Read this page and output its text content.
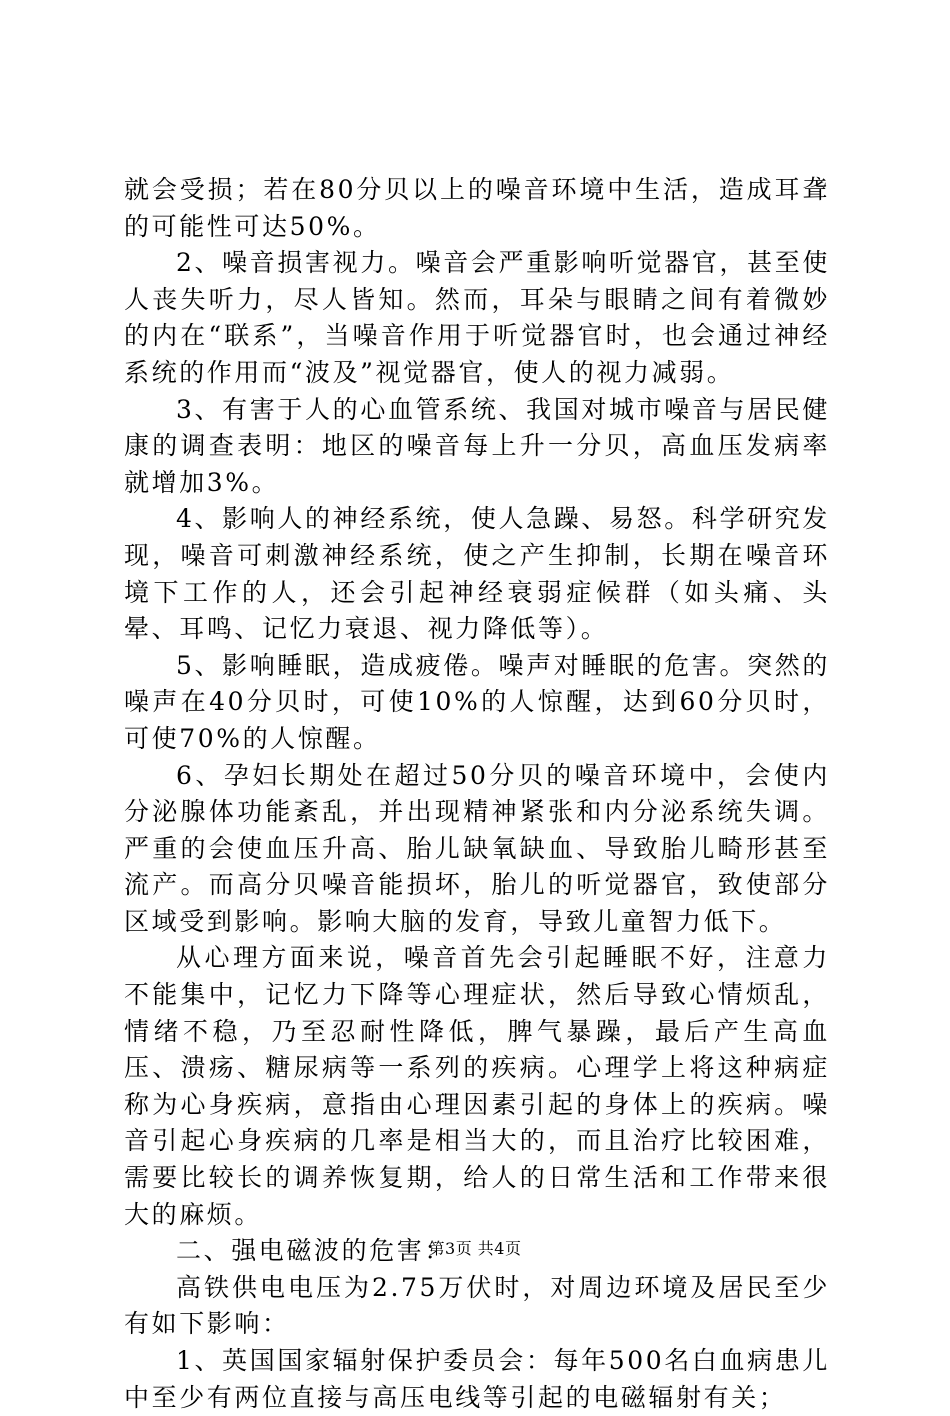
就会受损；若在80分贝以上的噪音环境中生活，造成耳聋的可能性可达50%。

2、噪音损害视力。噪音会严重影响听觉器官，甚至使人丧失听力，尽人皆知。然而，耳朵与眼睛之间有着微妙的内在“联系”，当噪音作用于听觉器官时，也会通过神经系统的作用而“波及”视觉器官，使人的视力减弱。

3、有害于人的心血管系统、我国对城市噪音与居民健康的调查表明：地区的噪音每上升一分贝，高血压发病率就增加3%。

4、影响人的神经系统，使人急躁、易怒。科学研究发现，噪音可刺激神经系统，使之产生抑制，长期在噪音环境下工作的人，还会引起神经衰弱症候群（如头痛、头晕、耳鸣、记忆力衰退、视力降低等）。

5、影响睡眠，造成疲倦。噪声对睡眠的危害。突然的噪声在40分贝时，可使10%的人惊醒，达到60分贝时，可使70%的人惊醒。

6、孕妇长期处在超过50分贝的噪音环境中，会使内分泌腺体功能紊乱，并出现精神紧张和内分泌系统失调。严重的会使血压升高、胎儿缺氧缺血、导致胎儿畸形甚至流产。而高分贝噪音能损坏，胎儿的听觉器官，致使部分区域受到影响。影响大脑的发育，导致儿童智力低下。

从心理方面来说，噪音首先会引起睡眠不好，注意力不能集中，记忆力下降等心理症状，然后导致心情烦乱，情绪不稳，乃至忍耐性降低，脾气暴躁，最后产生高血压、溃疡、糖尿病等一系列的疾病。心理学上将这种病症称为心身疾病，意指由心理因素引起的身体上的疾病。噪音引起心身疾病的几率是相当大的，而且治疗比较困难，需要比较长的调养恢复期，给人的日常生活和工作带来很大的麻烦。

二、强电磁波的危害：

高铁供电电压为2.75万伏时，对周边环境及居民至少有如下影响：

1、英国国家辐射保护委员会：每年500名白血病患儿中至少有两位直接与高压电线等引起的电磁辐射有关；

第3页 共4页
